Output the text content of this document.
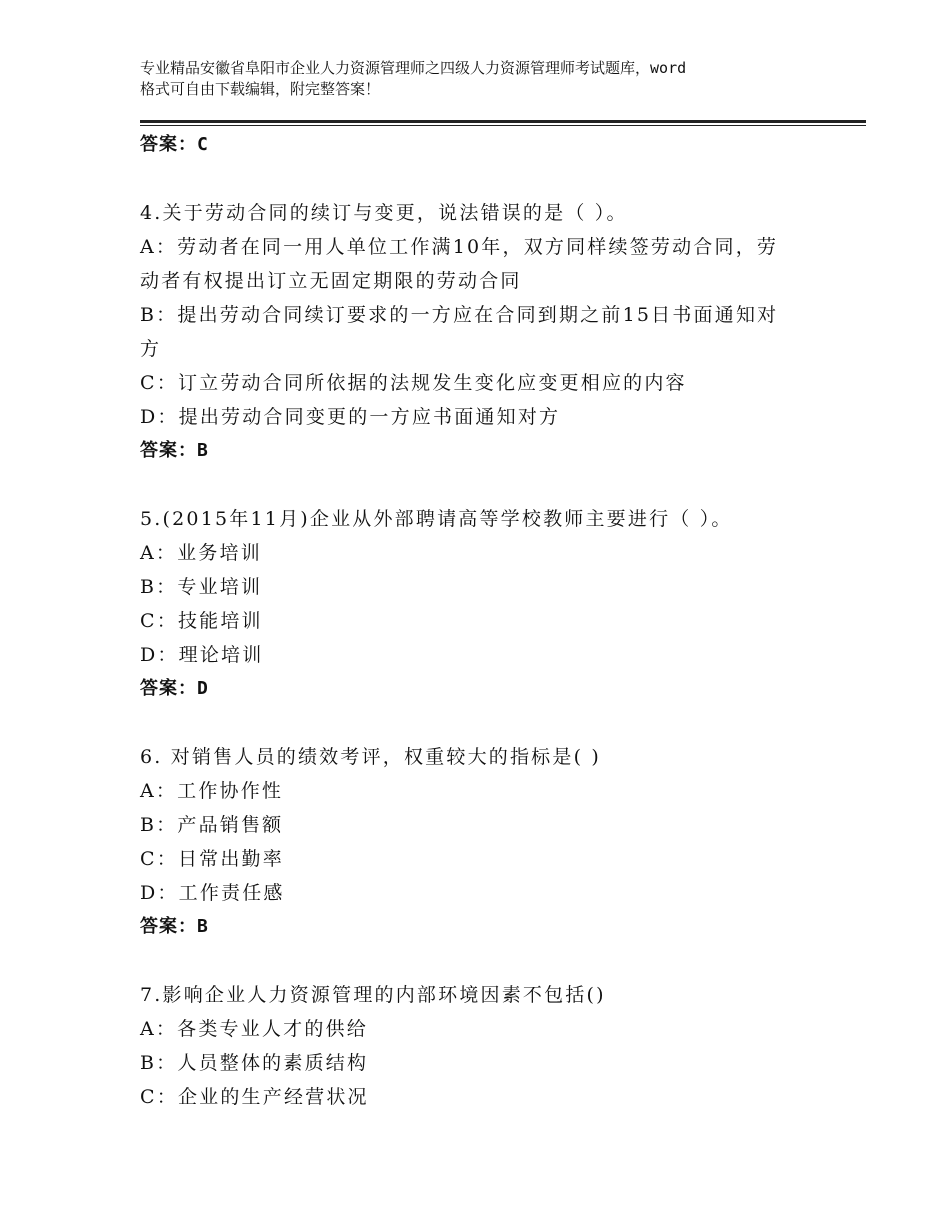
专业精品安徽省阜阳市企业人力资源管理师之四级人力资源管理师考试题库，word
格式可自由下载编辑，附完整答案！
答案：C
4.关于劳动合同的续订与变更，说法错误的是（ ）。
A：劳动者在同一用人单位工作满10年，双方同样续签劳动合同，劳
动者有权提出订立无固定期限的劳动合同
B：提出劳动合同续订要求的一方应在合同到期之前15日书面通知对
方
C：订立劳动合同所依据的法规发生变化应变更相应的内容
D：提出劳动合同变更的一方应书面通知对方
答案：B
5.(2015年11月)企业从外部聘请高等学校教师主要进行（ ）。
A：业务培训
B：专业培训
C：技能培训
D：理论培训
答案：D
6. 对销售人员的绩效考评，权重较大的指标是( )
A：工作协作性
B：产品销售额
C：日常出勤率
D：工作责任感
答案：B
7.影响企业人力资源管理的内部环境因素不包括()
A：各类专业人才的供给
B：人员整体的素质结构
C：企业的生产经营状况
